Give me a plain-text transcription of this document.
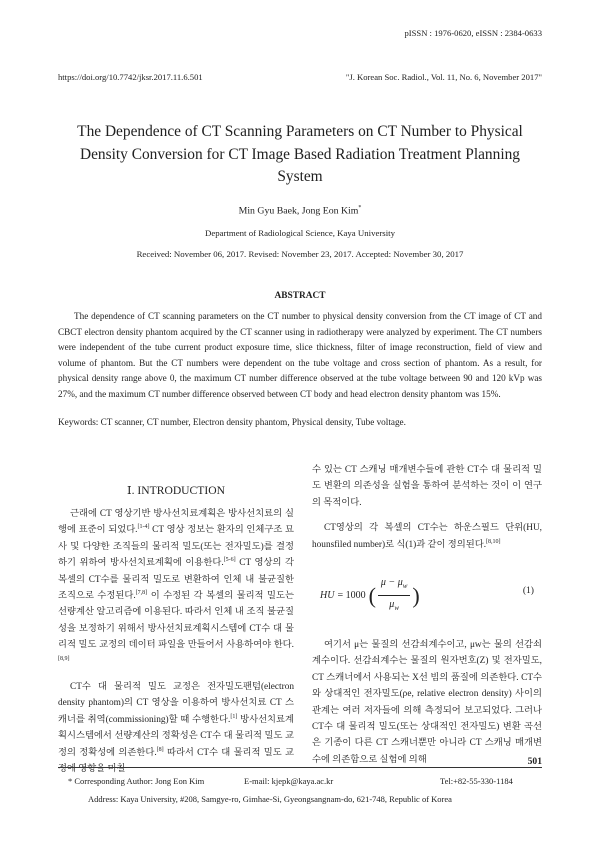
pISSN : 1976-0620, eISSN : 2384-0633
https://doi.org/10.7742/jksr.2017.11.6.501	"J. Korean Soc. Radiol., Vol. 11, No. 6, November 2017"
The Dependence of CT Scanning Parameters on CT Number to Physical
Density Conversion for CT Image Based Radiation Treatment Planning
System
Min Gyu Baek, Jong Eon Kim*
Department of Radiological Science, Kaya University
Received: November 06, 2017. Revised: November 23, 2017. Accepted: November 30, 2017
ABSTRACT
The dependence of CT scanning parameters on the CT number to physical density conversion from the CT image of CT and CBCT electron density phantom acquired by the CT scanner using in radiotherapy were analyzed by experiment. The CT numbers were independent of the tube current product exposure time, slice thickness, filter of image reconstruction, field of view and volume of phantom. But the CT numbers were dependent on the tube voltage and cross section of phantom. As a result, for physical density range above 0, the maximum CT number difference observed at the tube voltage between 90 and 120 kVp was 27%, and the maximum CT number difference observed between CT body and head electron density phantom was 15%.
Keywords: CT scanner, CT number, Electron density phantom, Physical density, Tube voltage.
Ⅰ. INTRODUCTION

근래에 CT 영상기반 방사선치료계획은 방사선치료의 실행에 표준이 되었다.[1-4] CT 영상 정보는 환자의 인체구조 묘사 및 다양한 조직들의 물리적 밀도(또는 전자밀도)를 결정하기 위하여 방사선치료계획에 이용한다.[5-6] CT 영상의 각 복셀의 CT수를 물리적 밀도로 변환하여 인체 내 불균질한 조직으로 수정된다.[7,8] 이 수정된 각 복셀의 물리적 밀도는 선량계산 알고리즘에 이용된다. 따라서 인체 내 조직 불균질성을 보정하기 위해서 방사선치료계획시스템에 CT수 대 물리적 밀도 교정의 데이터 파일을 만들어서 사용하여야 한다.[8,9]

CT수 대 물리적 밀도 교정은 전자밀도팬텀(electron density phantom)의 CT 영상을 이용하여 방사선치료 CT 스캐너를 취역(commissioning)할 때 수행한다.[1] 방사선치료계획시스템에서 선량계산의 정확성은 CT수 대 물리적 밀도 교정의 정확성에 의존한다.[8] 따라서 CT수 대 물리적 밀도 교정에 영향을 미칠

수 있는 CT 스캐닝 매개변수들에 관한 CT수 대 물리적 밀도 변환의 의존성을 실험을 통하여 분석하는 것이 이 연구의 목적이다.

CT영상의 각 복셀의 CT수는 하운스필드 단위(HU, hounsfiled number)로 식(1)과 같이 정의된다.[8,10]

HU = 1000 ( $\frac{\mu - \mu_w}{\mu_w}$ )	(1)

여기서 μ는 물질의 선감쇠계수이고, μw는 물의 선감쇠계수이다. 선감쇠계수는 물질의 원자번호(Z) 및 전자밀도, CT 스캐너에서 사용되는 X선 빔의 품질에 의존한다. CT수와 상대적인 전자밀도(ρe, relative electron density) 사이의 관계는 여러 저자들에 의해 측정되어 보고되었다. 그러나 CT수 대 물리적 밀도(또는 상대적인 전자밀도) 변환 곡선은 기종이 다른 CT 스캐너뿐만 아니라 CT 스캐닝 매개변수에 의존함으로 실험에 의해	501
* Corresponding Author: Jong Eon Kim	E-mail: kjepk@kaya.ac.kr	Tel:+82-55-330-1184
Address: Kaya University, #208, Samgye-ro, Gimhae-Si, Gyeongsangnam-do, 621-748, Republic of Korea
